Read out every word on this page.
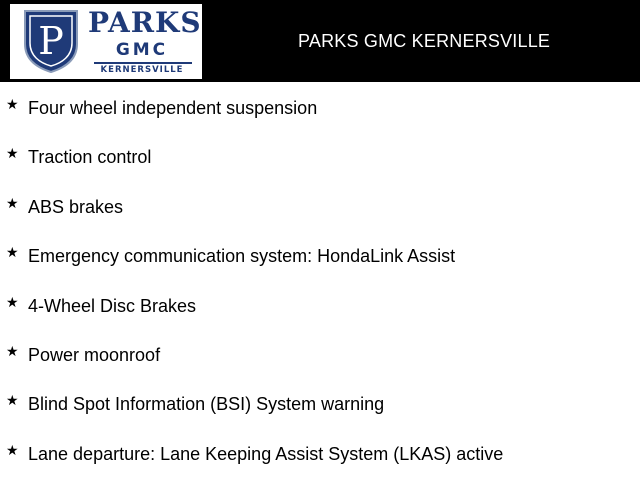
P PARKS
GMC
KERNERSVILLE
PARKS GMC KERNERSVILLE
★ Four wheel independent suspension
★ Traction control
★ ABS brakes
★ Emergency communication system: HondaLink Assist
★ 4-Wheel Disc Brakes
★ Power moonroof
★ Blind Spot Information (BSI) System warning
★ Lane departure: Lane Keeping Assist System (LKAS) active
